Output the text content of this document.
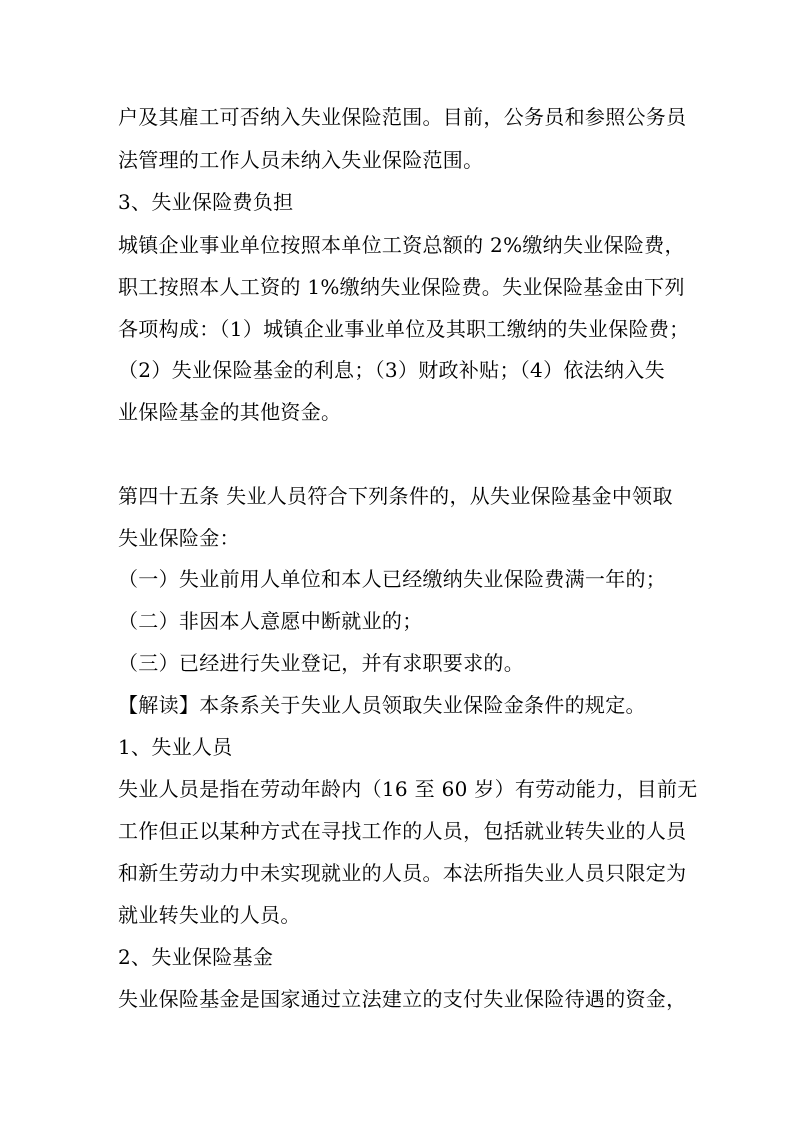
户及其雇工可否纳入失业保险范围。目前，公务员和参照公务员
法管理的工作人员未纳入失业保险范围。
3、失业保险费负担
城镇企业事业单位按照本单位工资总额的 2%缴纳失业保险费，
职工按照本人工资的 1%缴纳失业保险费。失业保险基金由下列
各项构成：（1）城镇企业事业单位及其职工缴纳的失业保险费；
（2）失业保险基金的利息；（3）财政补贴；（4）依法纳入失
业保险基金的其他资金。
第四十五条 失业人员符合下列条件的，从失业保险基金中领取
失业保险金：
（一）失业前用人单位和本人已经缴纳失业保险费满一年的；
（二）非因本人意愿中断就业的；
（三）已经进行失业登记，并有求职要求的。
【解读】本条系关于失业人员领取失业保险金条件的规定。
1、失业人员
失业人员是指在劳动年龄内（16 至 60 岁）有劳动能力，目前无
工作但正以某种方式在寻找工作的人员，包括就业转失业的人员
和新生劳动力中未实现就业的人员。本法所指失业人员只限定为
就业转失业的人员。
2、失业保险基金
失业保险基金是国家通过立法建立的支付失业保险待遇的资金，
